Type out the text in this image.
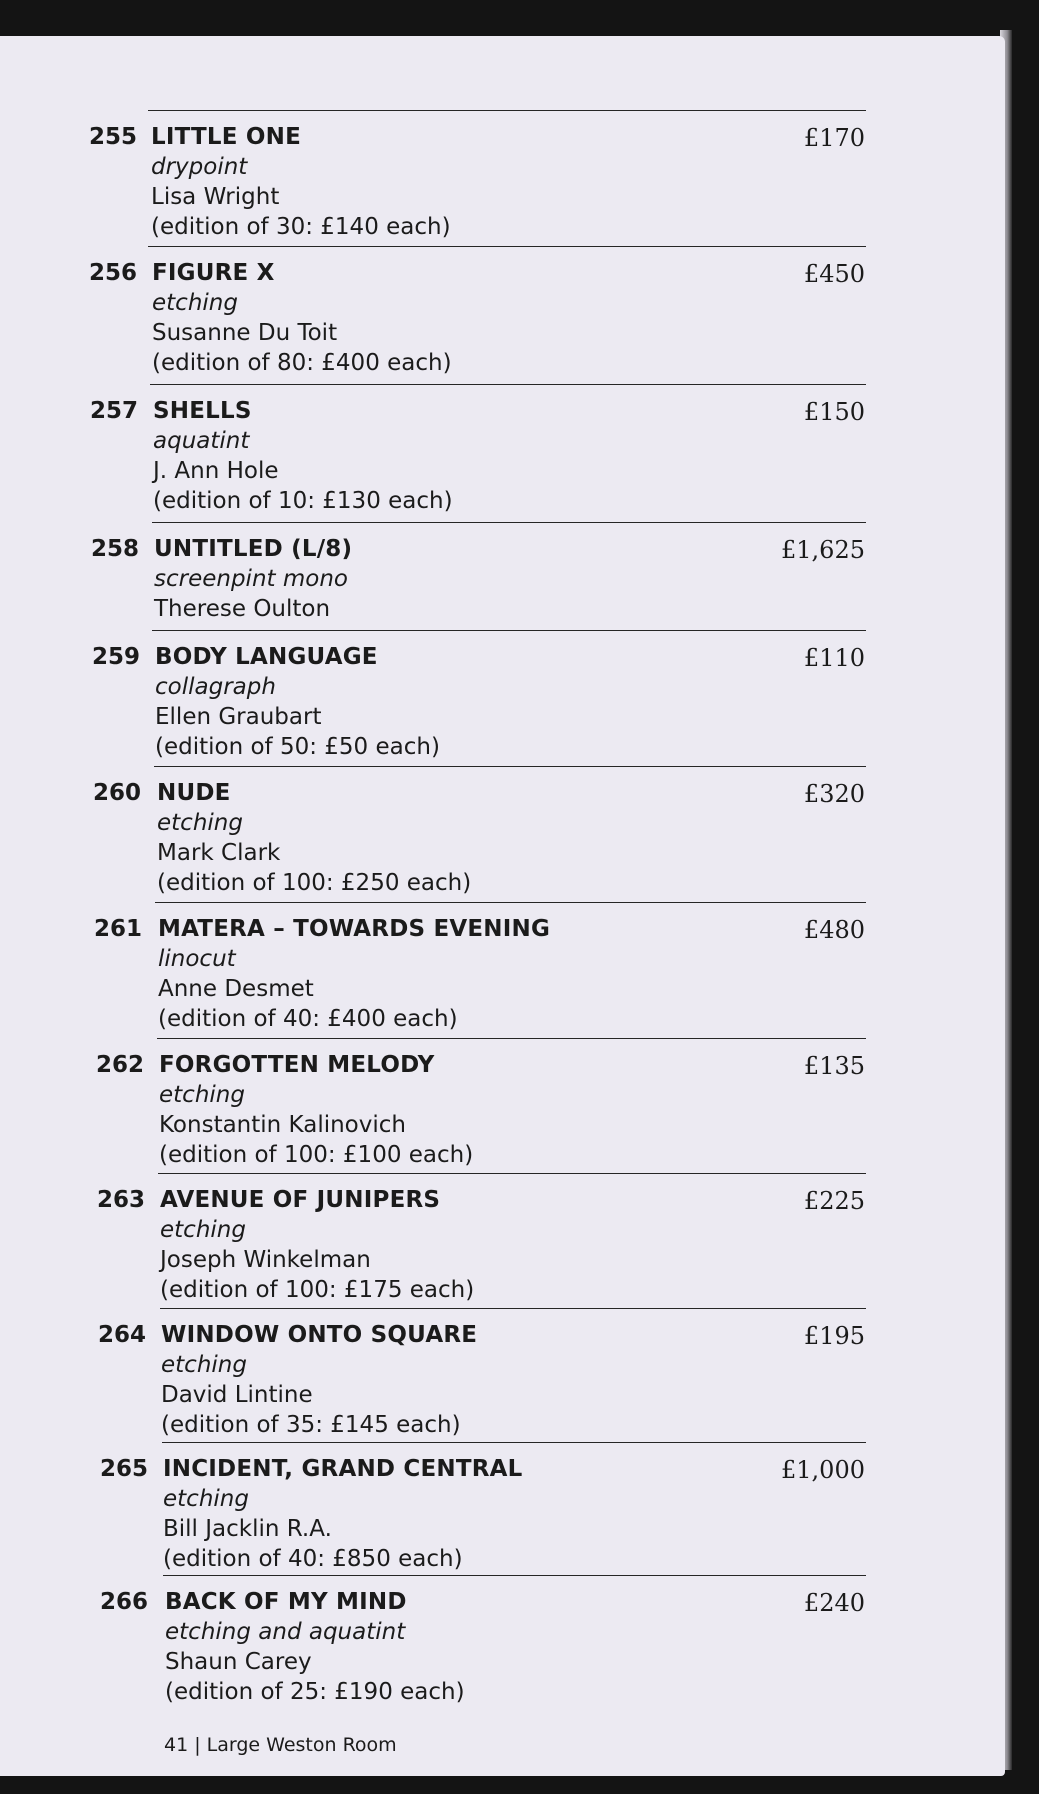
255 LITTLE ONE
drypoint
Lisa Wright
(edition of 30: £140 each)
£170
256 FIGURE X
etching
Susanne Du Toit
(edition of 80: £400 each)
£450
257 SHELLS
aquatint
J. Ann Hole
(edition of 10: £130 each)
£150
258 UNTITLED (L/8)
screenpint mono
Therese Oulton
£1,625
259 BODY LANGUAGE
collagraph
Ellen Graubart
(edition of 50: £50 each)
£110
260 NUDE
etching
Mark Clark
(edition of 100: £250 each)
£320
261 MATERA – TOWARDS EVENING
linocut
Anne Desmet
(edition of 40: £400 each)
£480
262 FORGOTTEN MELODY
etching
Konstantin Kalinovich
(edition of 100: £100 each)
£135
263 AVENUE OF JUNIPERS
etching
Joseph Winkelman
(edition of 100: £175 each)
£225
264 WINDOW ONTO SQUARE
etching
David Lintine
(edition of 35: £145 each)
£195
265 INCIDENT, GRAND CENTRAL
etching
Bill Jacklin R.A.
(edition of 40: £850 each)
£1,000
266 BACK OF MY MIND
etching and aquatint
Shaun Carey
(edition of 25: £190 each)
£240
41 | Large Weston Room
